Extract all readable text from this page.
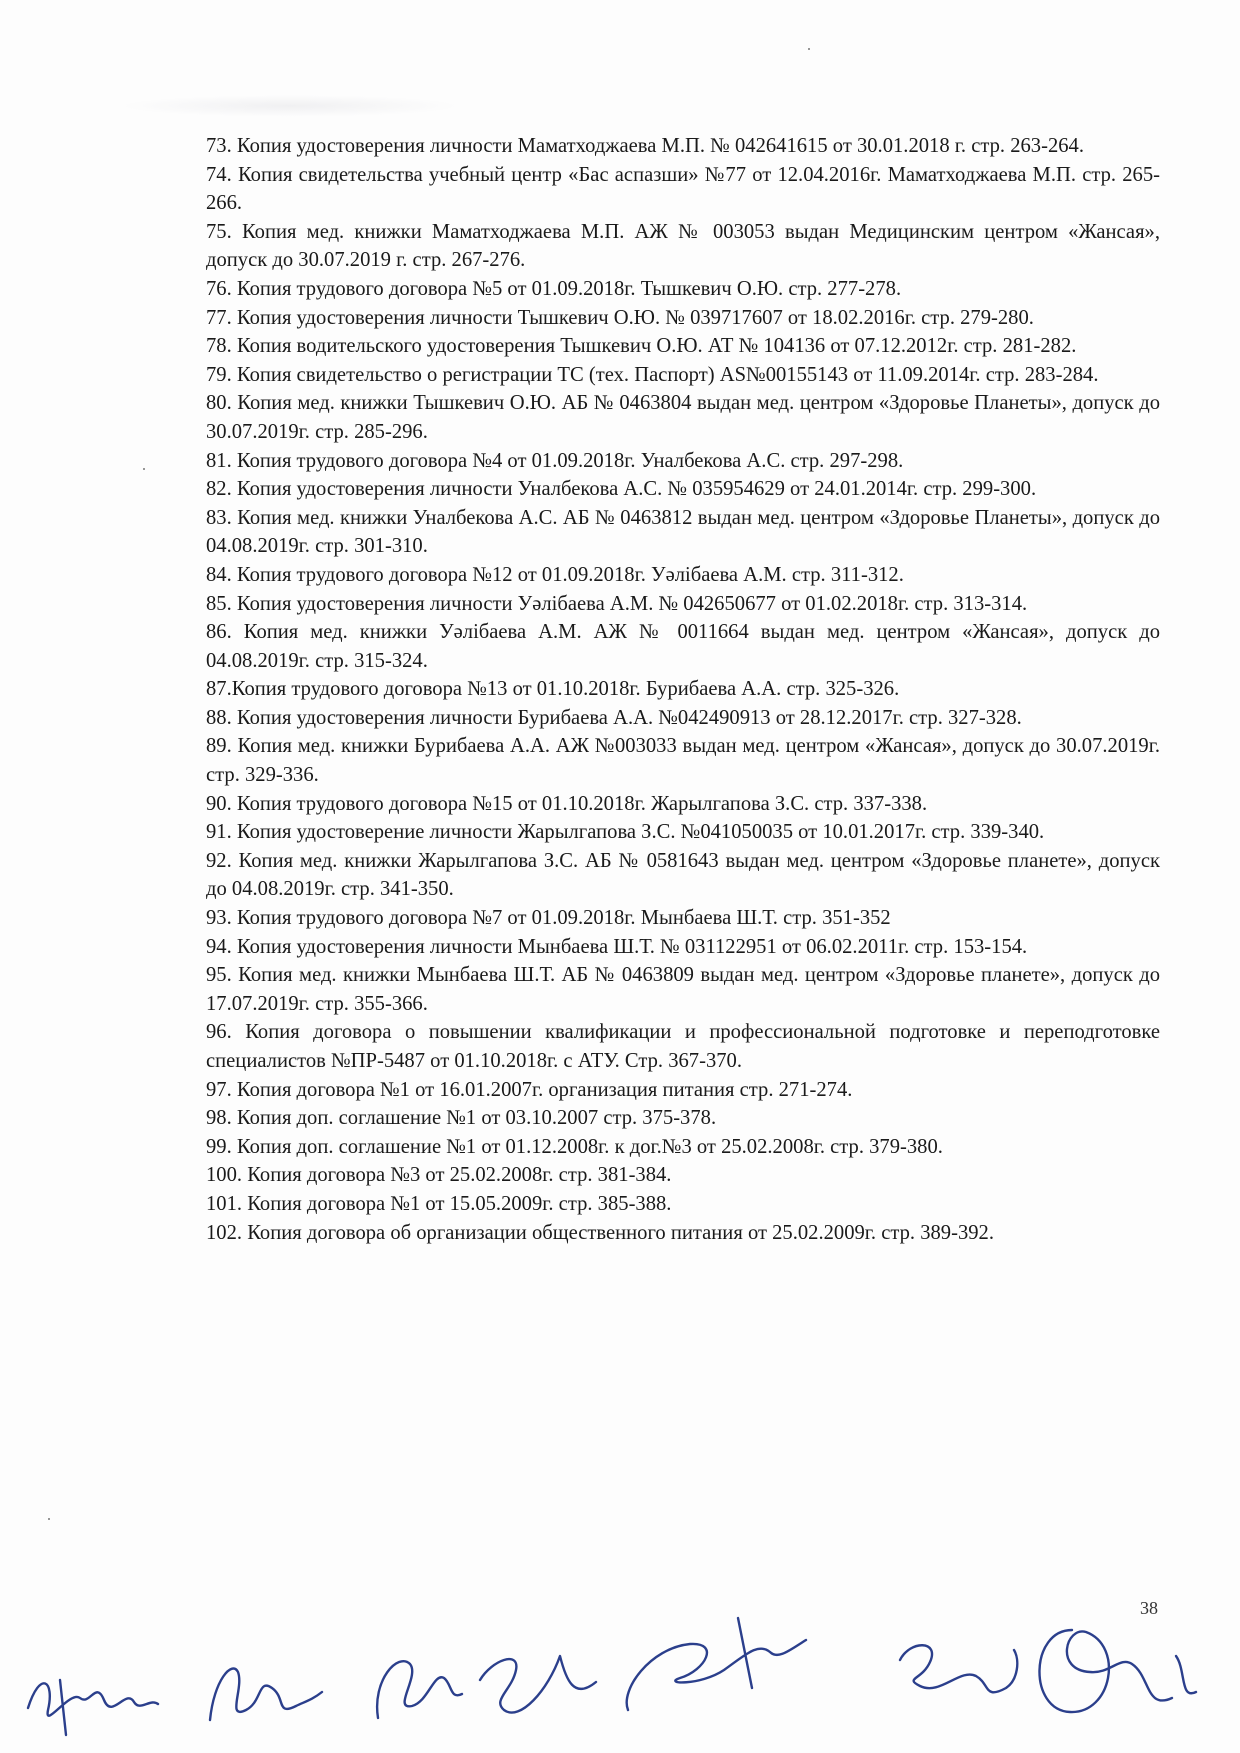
73. Копия удостоверения личности Маматходжаева М.П. № 042641615 от 30.01.2018 г. стр. 263-264.

74. Копия свидетельства учебный центр «Бас аспазши» №77 от 12.04.2016г. Маматходжаева М.П. стр. 265-266.

75. Копия мед. книжки Маматходжаева М.П. АЖ № 003053 выдан Медицинским центром «Жансая», допуск до 30.07.2019 г. стр. 267-276.

76. Копия трудового договора №5 от 01.09.2018г. Тышкевич О.Ю. стр. 277-278.

77. Копия удостоверения личности Тышкевич О.Ю. № 039717607 от 18.02.2016г. стр. 279-280.

78. Копия водительского удостоверения Тышкевич О.Ю. АТ № 104136 от 07.12.2012г. стр. 281-282.

79. Копия свидетельство о регистрации ТС (тех. Паспорт) AS№00155143 от 11.09.2014г. стр. 283-284.

80. Копия мед. книжки Тышкевич О.Ю. АБ № 0463804 выдан мед. центром «Здоровье Планеты», допуск до 30.07.2019г. стр. 285-296.

81. Копия трудового договора №4 от 01.09.2018г. Уналбекова А.С. стр. 297-298.

82. Копия удостоверения личности Уналбекова А.С. № 035954629 от 24.01.2014г. стр. 299-300.

83. Копия мед. книжки Уналбекова А.С. АБ № 0463812 выдан мед. центром «Здоровье Планеты», допуск до 04.08.2019г. стр. 301-310.

84. Копия трудового договора №12 от 01.09.2018г. Уәлібаева А.М. стр. 311-312.

85. Копия удостоверения личности Уәлібаева А.М. № 042650677 от 01.02.2018г. стр. 313-314.

86. Копия мед. книжки Уәлібаева А.М. АЖ № 0011664 выдан мед. центром «Жансая», допуск до 04.08.2019г. стр. 315-324.

87.Копия трудового договора №13 от 01.10.2018г. Бурибаева А.А. стр. 325-326.

88. Копия удостоверения личности Бурибаева А.А. №042490913 от 28.12.2017г. стр. 327-328.

89. Копия мед. книжки Бурибаева А.А. АЖ №003033 выдан мед. центром «Жансая», допуск до 30.07.2019г. стр. 329-336.

90. Копия трудового договора №15 от 01.10.2018г. Жарылгапова З.С. стр. 337-338.

91. Копия удостоверение личности Жарылгапова З.С. №041050035 от 10.01.2017г. стр. 339-340.

92. Копия мед. книжки Жарылгапова З.С. АБ № 0581643 выдан мед. центром «Здоровье планете», допуск до 04.08.2019г. стр. 341-350.

93. Копия трудового договора №7 от 01.09.2018г. Мынбаева Ш.Т. стр. 351-352

94. Копия удостоверения личности Мынбаева Ш.Т. № 031122951 от 06.02.2011г. стр. 153-154.

95. Копия мед. книжки Мынбаева Ш.Т. АБ № 0463809 выдан мед. центром «Здоровье планете», допуск до 17.07.2019г. стр. 355-366.

96. Копия договора о повышении квалификации и профессиональной подготовке и переподготовке специалистов №ПР-5487 от 01.10.2018г. с АТУ. Стр. 367-370.

97. Копия договора №1 от 16.01.2007г. организация питания стр. 271-274.

98. Копия доп. соглашение №1 от 03.10.2007 стр. 375-378.

99. Копия доп. соглашение №1 от 01.12.2008г. к дог.№3 от 25.02.2008г. стр. 379-380.

100. Копия договора №3 от 25.02.2008г. стр. 381-384.

101. Копия договора №1 от 15.05.2009г. стр. 385-388.

102. Копия договора об организации общественного питания от 25.02.2009г. стр. 389-392.

38
